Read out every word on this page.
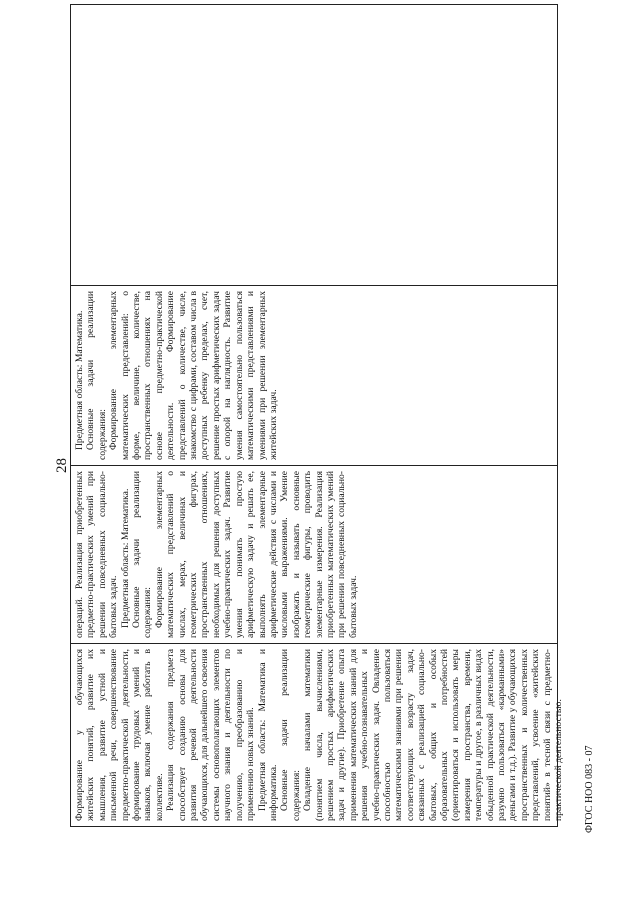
28
ФГОС НОО 083 - 07

Формирование у обучающихся житейских понятий, развитие их мышления, развитие устной и письменной речи, совершенствование предметно-практической деятельности, формирование трудовых умений и навыков, включая умение работать в коллективе. Реализация содержания предмета способствует созданию основы для развития речевой деятельности обучающихся, для дальнейшего освоения системы основополагающих элементов научного знания и деятельности по получению, преобразованию и применению новых знаний. Предметная область: Математика и информатика. Основные задачи реализации содержания: Овладение началами математики (понятием числа, вычислениями, решением простых арифметических задач и другие). Приобретение опыта применения математических знаний для решения учебно-познавательных и учебно-практических задач. Овладение способностью пользоваться математическими знаниями при решении соответствующих возрасту задач, связанных с реализацией социально-бытовых, общих и особых образовательных потребностей (ориентироваться и использовать меры измерения пространства, времени, температуры и другое, в различных видах обыденной практической деятельности, разумно пользоваться «карманными» деньгами и т.д.). Развитие у обучающихся пространственных и количественных представлений, усвоение «житейских понятий» в тесной связи с предметно-практической деятельностью.

операций. Реализация приобретенных предметно-практических умений при решении повседневных социально-бытовых задач. Предметная область: Математика. Основные задачи реализации содержания: Формирование элементарных математических представлений о числах, мерах, величинах и геометрических фигурах, пространственных отношениях, необходимых для решения доступных учебно-практических задач. Развитие умения понимать простую арифметическую задачу и решать ее, выполнять элементарные арифметические действия с числами и числовыми выражениями. Умение изображать и называть основные геометрические фигуры, проводить элементарные измерения. Реализация приобретенных математических умений при решении повседневных социально-бытовых задач.

Предметная область: Математика. Основные задачи реализации содержания: Формирование элементарных математических представлений: о форме, величине, количестве, пространственных отношениях на основе предметно-практической деятельности. Формирование представлений о количестве, числе, знакомство с цифрами, составом числа в доступных ребенку пределах, счет, решение простых арифметических задач с опорой на наглядность. Развитие умения самостоятельно пользоваться математическими представлениями и умениями при решении элементарных житейских задач.
